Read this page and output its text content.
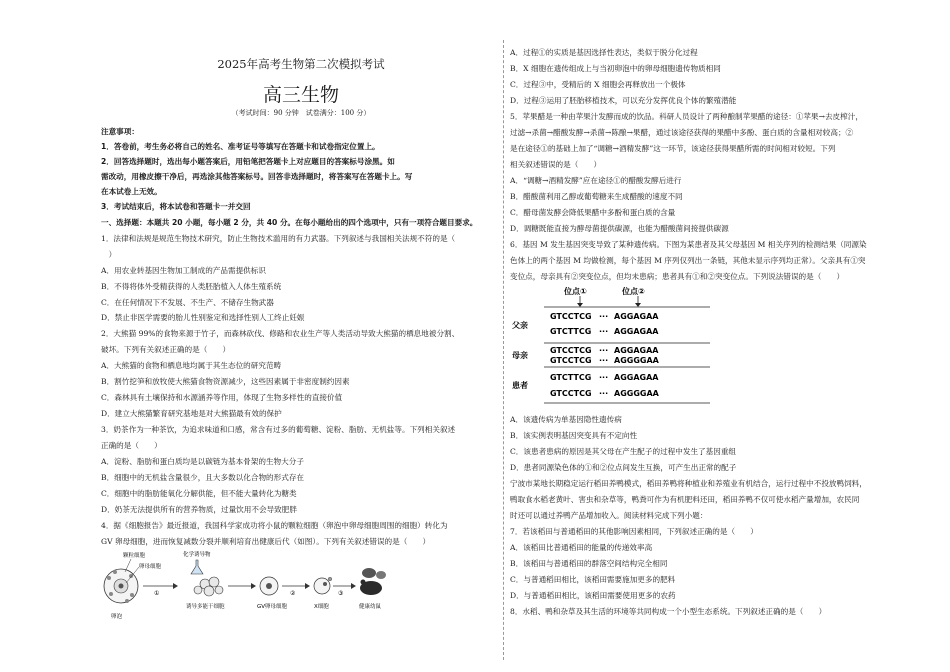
2025年高考生物第二次模拟考试
高三生物
（考试时间：90 分钟　试卷满分：100 分）
注意事项：
1．答卷前，考生务必将自己的姓名、准考证号等填写在答题卡和试卷指定位置上。
2．回答选择题时，选出每小题答案后，用铅笔把答题卡上对应题目的答案标号涂黑。如
需改动，用橡皮擦干净后，再选涂其他答案标号。回答非选择题时，将答案写在答题卡上。写
在本试卷上无效。
3．考试结束后，将本试卷和答题卡一并交回
一、选择题：本题共 20 小题，每小题 2 分，共 40 分。在每小题给出的四个选项中，只有一项符合题目要求。
1．法律和法规是规范生物技术研究，防止生物技术滥用的有力武器。下列叙述与我国相关法规不符的是（
　）
A．用农业转基因生物加工制成的产品需提供标识
B．不得将体外受精获得的人类胚胎植入人体生殖系统
C．在任何情况下不发展、不生产、不储存生物武器
D．禁止非医学需要的胎儿性别鉴定和选择性别人工终止妊娠
2．大熊猫 99%的食物来源于竹子，而森林砍伐、修路和农业生产等人类活动导致大熊猫的栖息地被分割、
破坏。下列有关叙述正确的是（　　）
A．大熊猫的食物和栖息地均属于其生态位的研究范畴
B．割竹挖笋和放牧使大熊猫食物资源减少，这些因素属于非密度制约因素
C．森林具有土壤保持和水源涵养等作用，体现了生物多样性的直接价值
D．建立大熊猫繁育研究基地是对大熊猫最有效的保护
3．奶茶作为一种茶饮，为追求味道和口感，常含有过多的葡萄糖、淀粉、脂肪、无机盐等。下列相关叙述
正确的是（　　）
A．淀粉、脂肪和蛋白质均是以碳链为基本骨架的生物大分子
B．细胞中的无机盐含量很少，且大多数以化合物的形式存在
C．细胞中的脂肪能氧化分解供能，但不能大量转化为糖类
D．奶茶无法提供所有的营养物质，过量饮用不会导致肥胖
4．据《细胞报告》最近报道，我国科学家成功将小鼠的颗粒细胞（卵泡中卵母细胞周围的细胞）转化为
GV 卵母细胞，进而恢复减数分裂并顺利培育出健康后代（如图）。下列有关叙述错误的是（　　）
颗粒细胞
卵母细胞
卵泡
化学诱导物
①
诱导多能干细胞	GV卵母细胞
②
X细胞
③
健康幼鼠
A．过程①的实质是基因选择性表达，类似于脱分化过程
B．X 细胞在遗传组成上与当初卵泡中的卵母细胞遗传物质相同
C．过程③中，受精后的 X 细胞会再释放出一个极体
D．过程③运用了胚胎移植技术，可以充分发挥优良个体的繁殖潜能
5．苹果醋是一种由苹果汁发酵而成的饮品。科研人员设计了两种酿制苹果醋的途径：①苹果→去皮榨汁，
过滤→杀菌→醋酸发酵→杀菌→陈酿→果醋，通过该途径获得的果醋中多酚、蛋白质的含量相对较高；②
是在途径①的基础上加了“调糖→酒精发酵”这一环节，该途径获得果醋所需的时间相对较短。下列
相关叙述错误的是（　　）
A．“调糖→酒精发酵”应在途径①的醋酸发酵后进行
B．醋酸菌利用乙醇或葡萄糖来生成醋酸的速度不同
C．醋母菌发酵会降低果醋中多酚和蛋白质的含量
D．调糖既能直接为酵母菌提供碳源，也能为醋酸菌间接提供碳源
6．基因 M 发生基因突变导致了某种遗传病。下图为某患者及其父母基因 M 相关序列的检测结果（同源染
色体上的两个基因 M 均做检测，每个基因 M 序列仅列出一条链，其他未显示序列均正常）。父亲具有①突
变位点，母亲具有②突变位点，但均未患病；患者具有①和②突变位点。下列说法错误的是（　　）
位点①	位点②
父亲
母亲
患者
GTCCTCG ··· AGGAGAA
GTCTTCG ··· AGGAGAA
GTCCTCG ··· AGGAGAA
GTCCTCG ··· AGGGGAA
GTCTTCG ··· AGGAGAA
GTCCTCG ··· AGGGGAA
A．该遗传病为单基因隐性遗传病
B．该实例表明基因突变具有不定向性
C．该患者患病的原因是其父母在产生配子的过程中发生了基因重组
D．患者同源染色体的①和②位点间发生互换，可产生出正常的配子
宁波市某地长期稳定运行稻田养鸭模式，稻田养鸭将种植业和养殖业有机结合，运行过程中不投放鸭饲料，
鸭取食水稻老黄叶、害虫和杂草等，鸭粪可作为有机肥料还田，稻田养鸭不仅可使水稻产量增加，农民同
时还可以通过养鸭产品增加收入。阅读材料完成下列小题：
7．若该稻田与普通稻田的其他影响因素相同，下列叙述正确的是（　　）
A．该稻田比普通稻田的能量的传递效率高
B．该稻田与普通稻田的群落空间结构完全相同
C．与普通稻田相比，该稻田需要施加更多的肥料
D．与普通稻田相比，该稻田需要使用更多的农药
8．水稻、鸭和杂草及其生活的环境等共同构成一个小型生态系统。下列叙述正确的是（　　）
